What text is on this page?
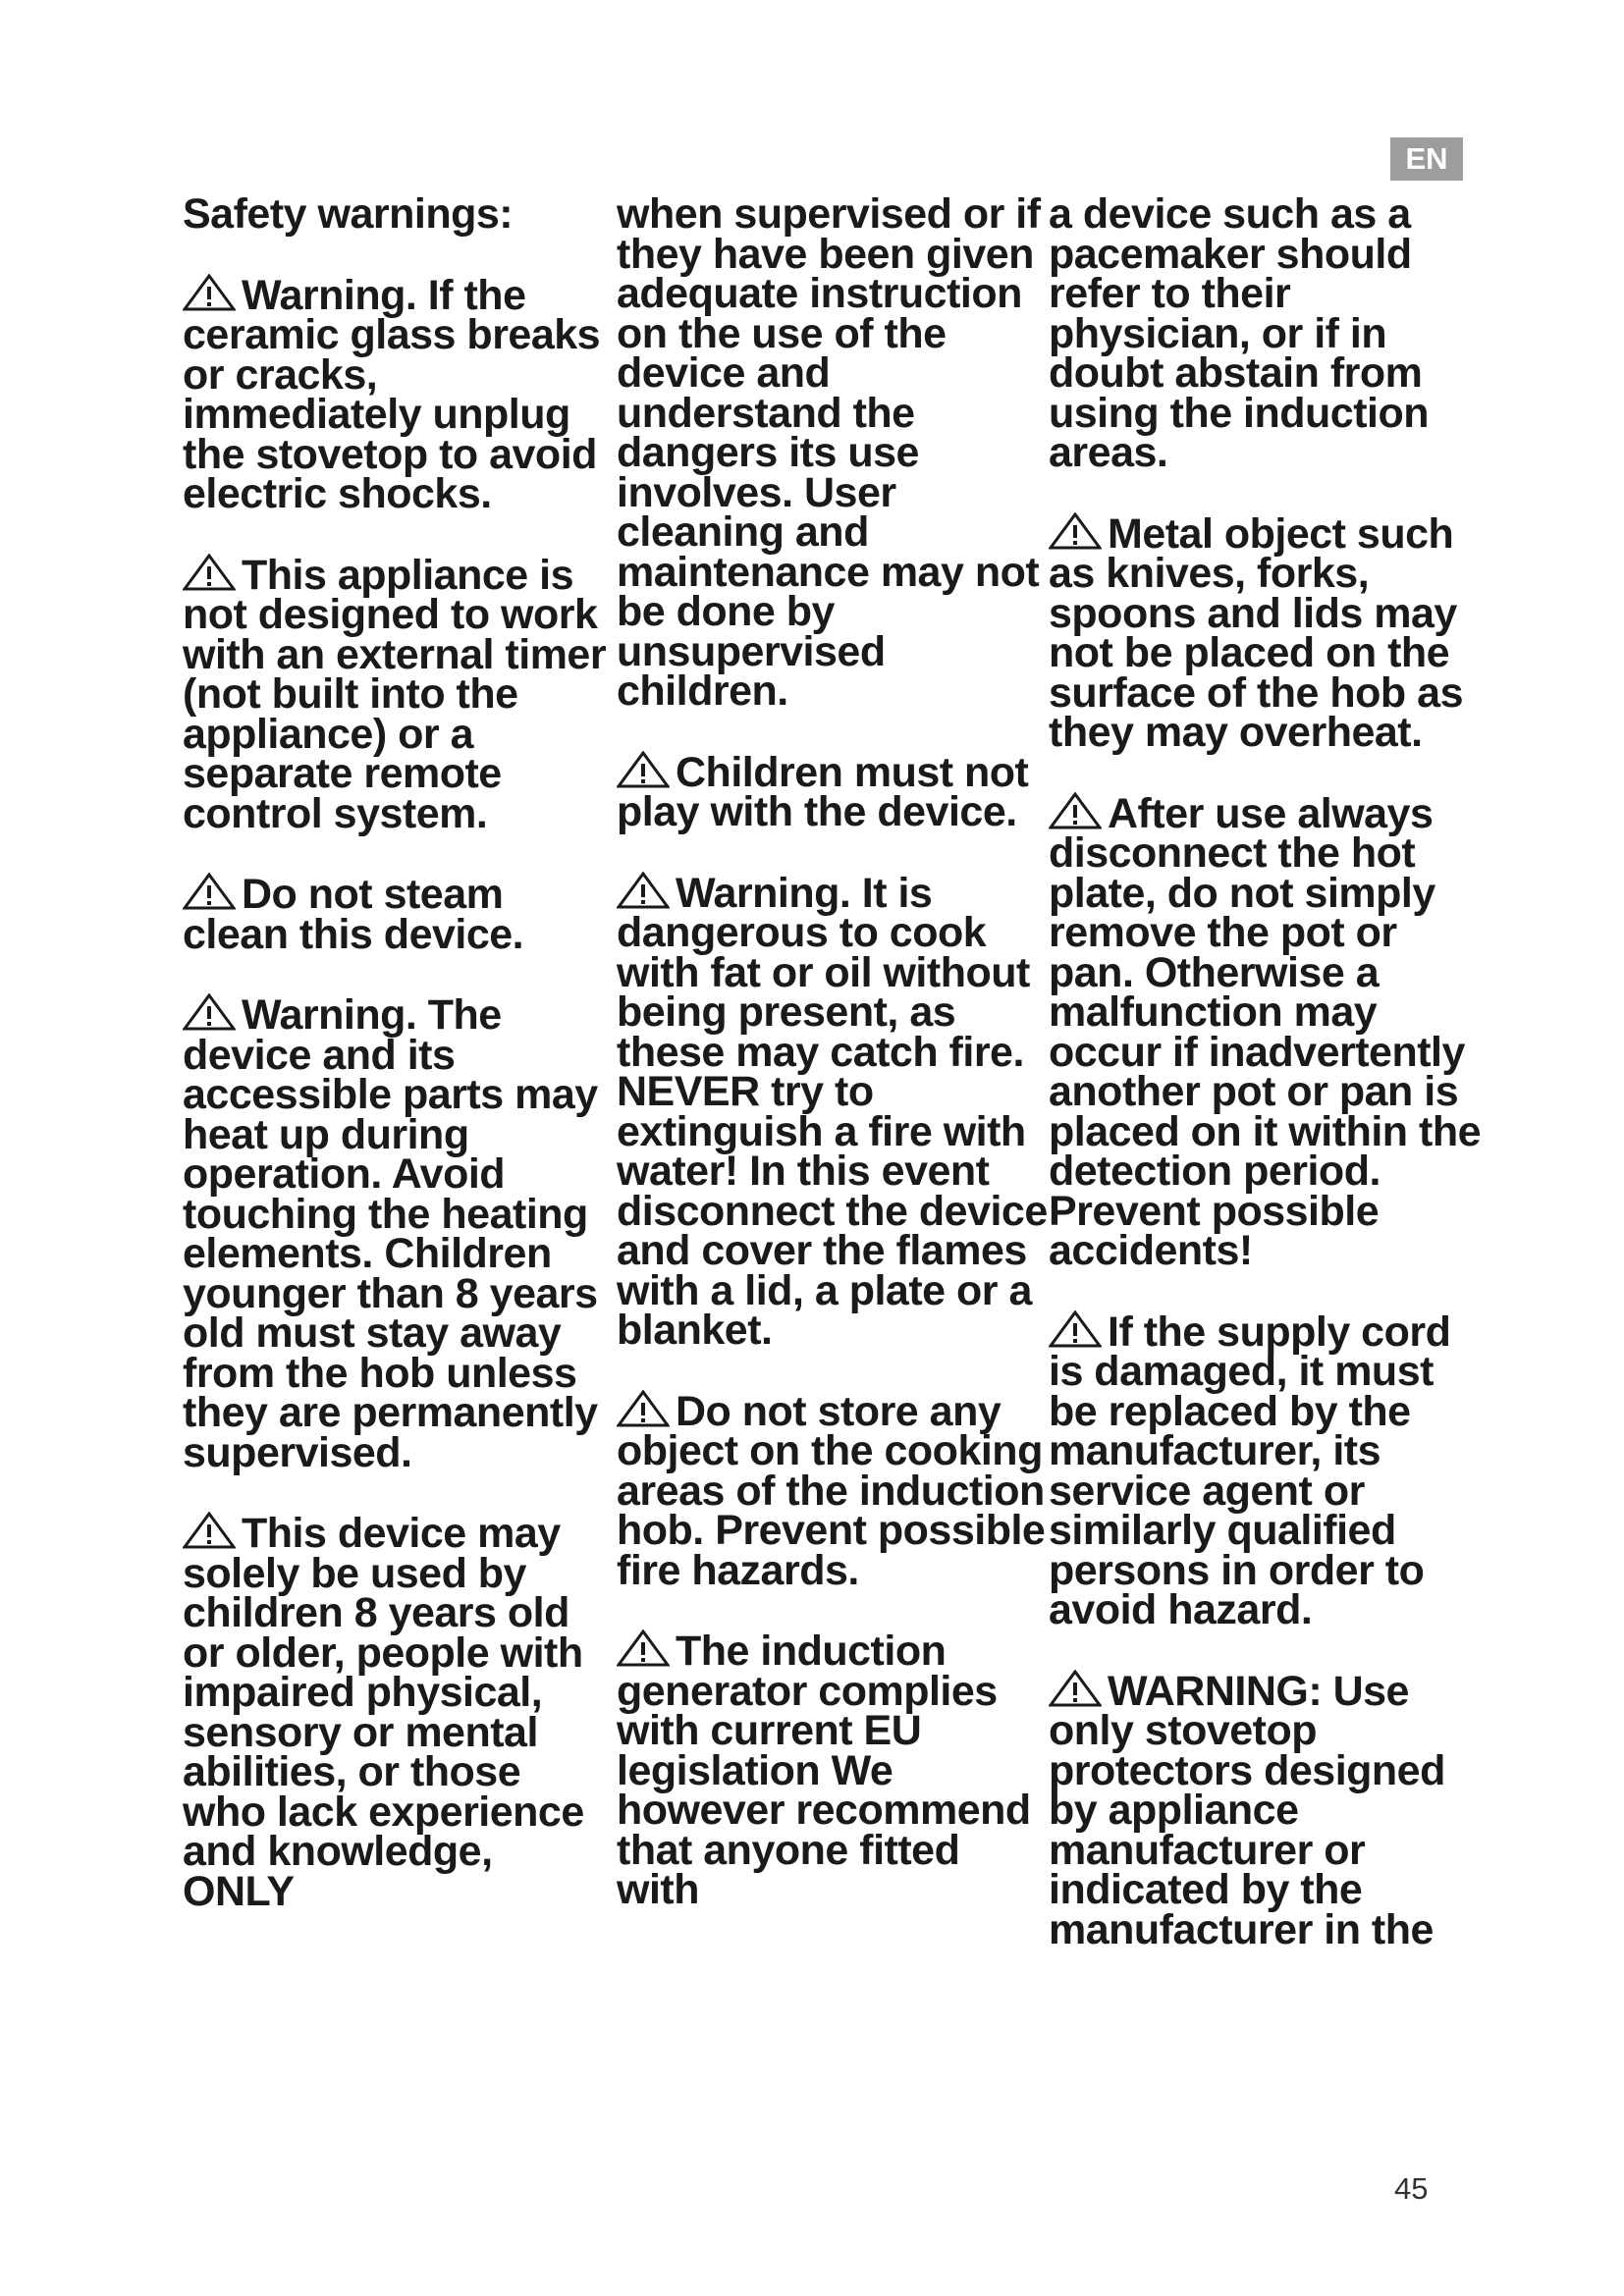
EN

Safety warnings:

Warning. If the ceramic glass breaks or cracks, immediately unplug the stovetop to avoid electric shocks.

This appliance is not designed to work with an external timer (not built into the appliance) or a separate remote control system.

Do not steam clean this device.

Warning. The device and its accessible parts may heat up during operation. Avoid touching the heating elements. Children younger than 8 years old must stay away from the hob unless they are permanently supervised.

This device may solely be used by children 8 years old or older, people with impaired physical, sensory or mental abilities, or those who lack experience and knowledge, ONLY

when supervised or if they have been given adequate instruction on the use of the device and understand the dangers its use involves. User cleaning and maintenance may not be done by unsupervised children.

Children must not play with the device.

Warning. It is dangerous to cook with fat or oil without being present, as these may catch fire. NEVER try to extinguish a fire with water! In this event disconnect the device and cover the flames with a lid, a plate or a blanket.

Do not store any object on the cooking areas of the induction hob. Prevent possible fire hazards.

The induction generator complies with current EU legislation We however recommend that anyone fitted with

a device such as a pacemaker should refer to their physician, or if in doubt abstain from using the induction areas.

Metal object such as knives, forks, spoons and lids may not be placed on the surface of the hob as they may overheat.

After use always disconnect the hot plate, do not simply remove the pot or pan. Otherwise a malfunction may occur if inadvertently another pot or pan is placed on it within the detection period. Prevent possible accidents!

If the supply cord is damaged, it must be replaced by the manufacturer, its service agent or similarly qualified persons in order to avoid hazard.

WARNING: Use only stovetop protectors designed by appliance manufacturer or indicated by the manufacturer in the

45
